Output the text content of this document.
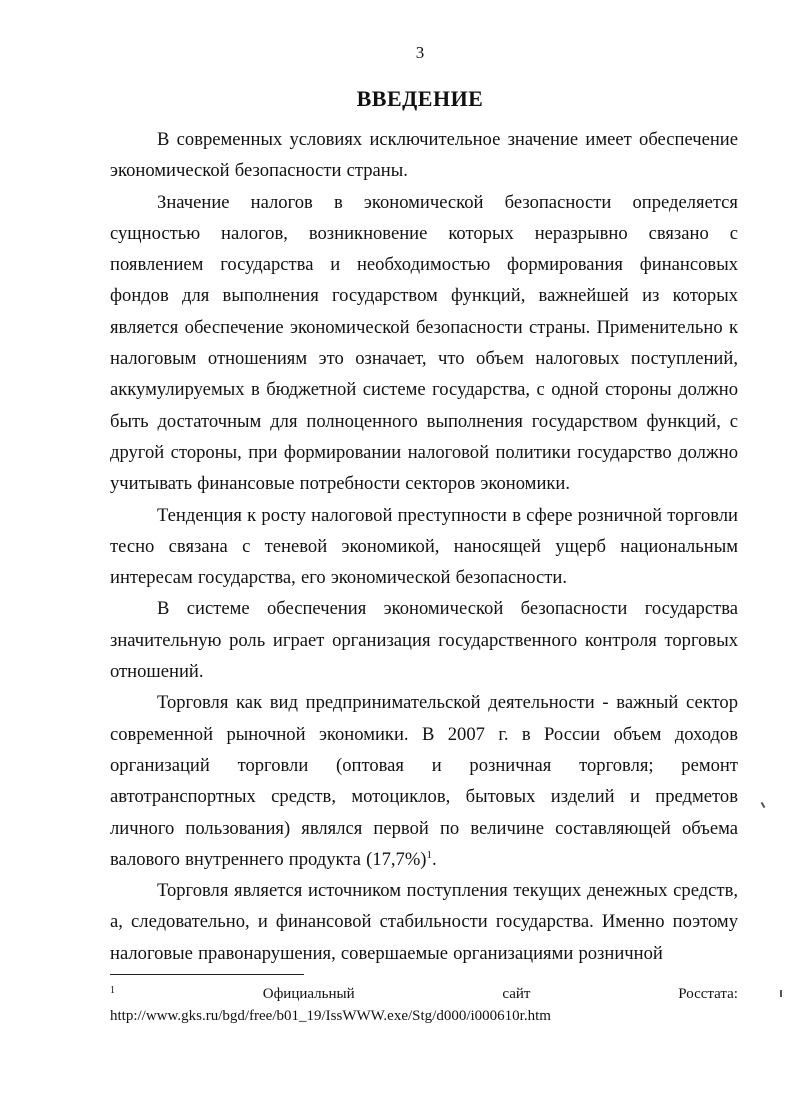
3
ВВЕДЕНИЕ

В современных условиях исключительное значение имеет обеспечение экономической безопасности страны.

Значение налогов в экономической безопасности определяется сущностью налогов, возникновение которых неразрывно связано с появлением государства и необходимостью формирования финансовых фондов для выполнения государством функций, важнейшей из которых является обеспечение экономической безопасности страны. Применительно к налоговым отношениям это означает, что объем налоговых поступлений, аккумулируемых в бюджетной системе государства, с одной стороны должно быть достаточным для полноценного выполнения государством функций, с другой стороны, при формировании налоговой политики государство должно учитывать финансовые потребности секторов экономики.

Тенденция к росту налоговой преступности в сфере розничной торговли тесно связана с теневой экономикой, наносящей ущерб национальным интересам государства, его экономической безопасности.

В системе обеспечения экономической безопасности государства значительную роль играет организация государственного контроля торговых отношений.

Торговля как вид предпринимательской деятельности - важный сектор современной рыночной экономики. В 2007 г. в России объем доходов организаций торговли (оптовая и розничная торговля; ремонт автотранспортных средств, мотоциклов, бытовых изделий и предметов личного пользования) являлся первой по величине составляющей объема валового внутреннего продукта $(17,7\%)^1$.

Торговля является источником поступления текущих денежных средств, а, следовательно, и финансовой стабильности государства. Именно поэтому налоговые правонарушения, совершаемые организациями розничной

1	Официальный	сайт	Росстата:
http://www.gks.ru/bgd/free/b01_19/IssWWW.exe/Stg/d000/i000610r.htm
